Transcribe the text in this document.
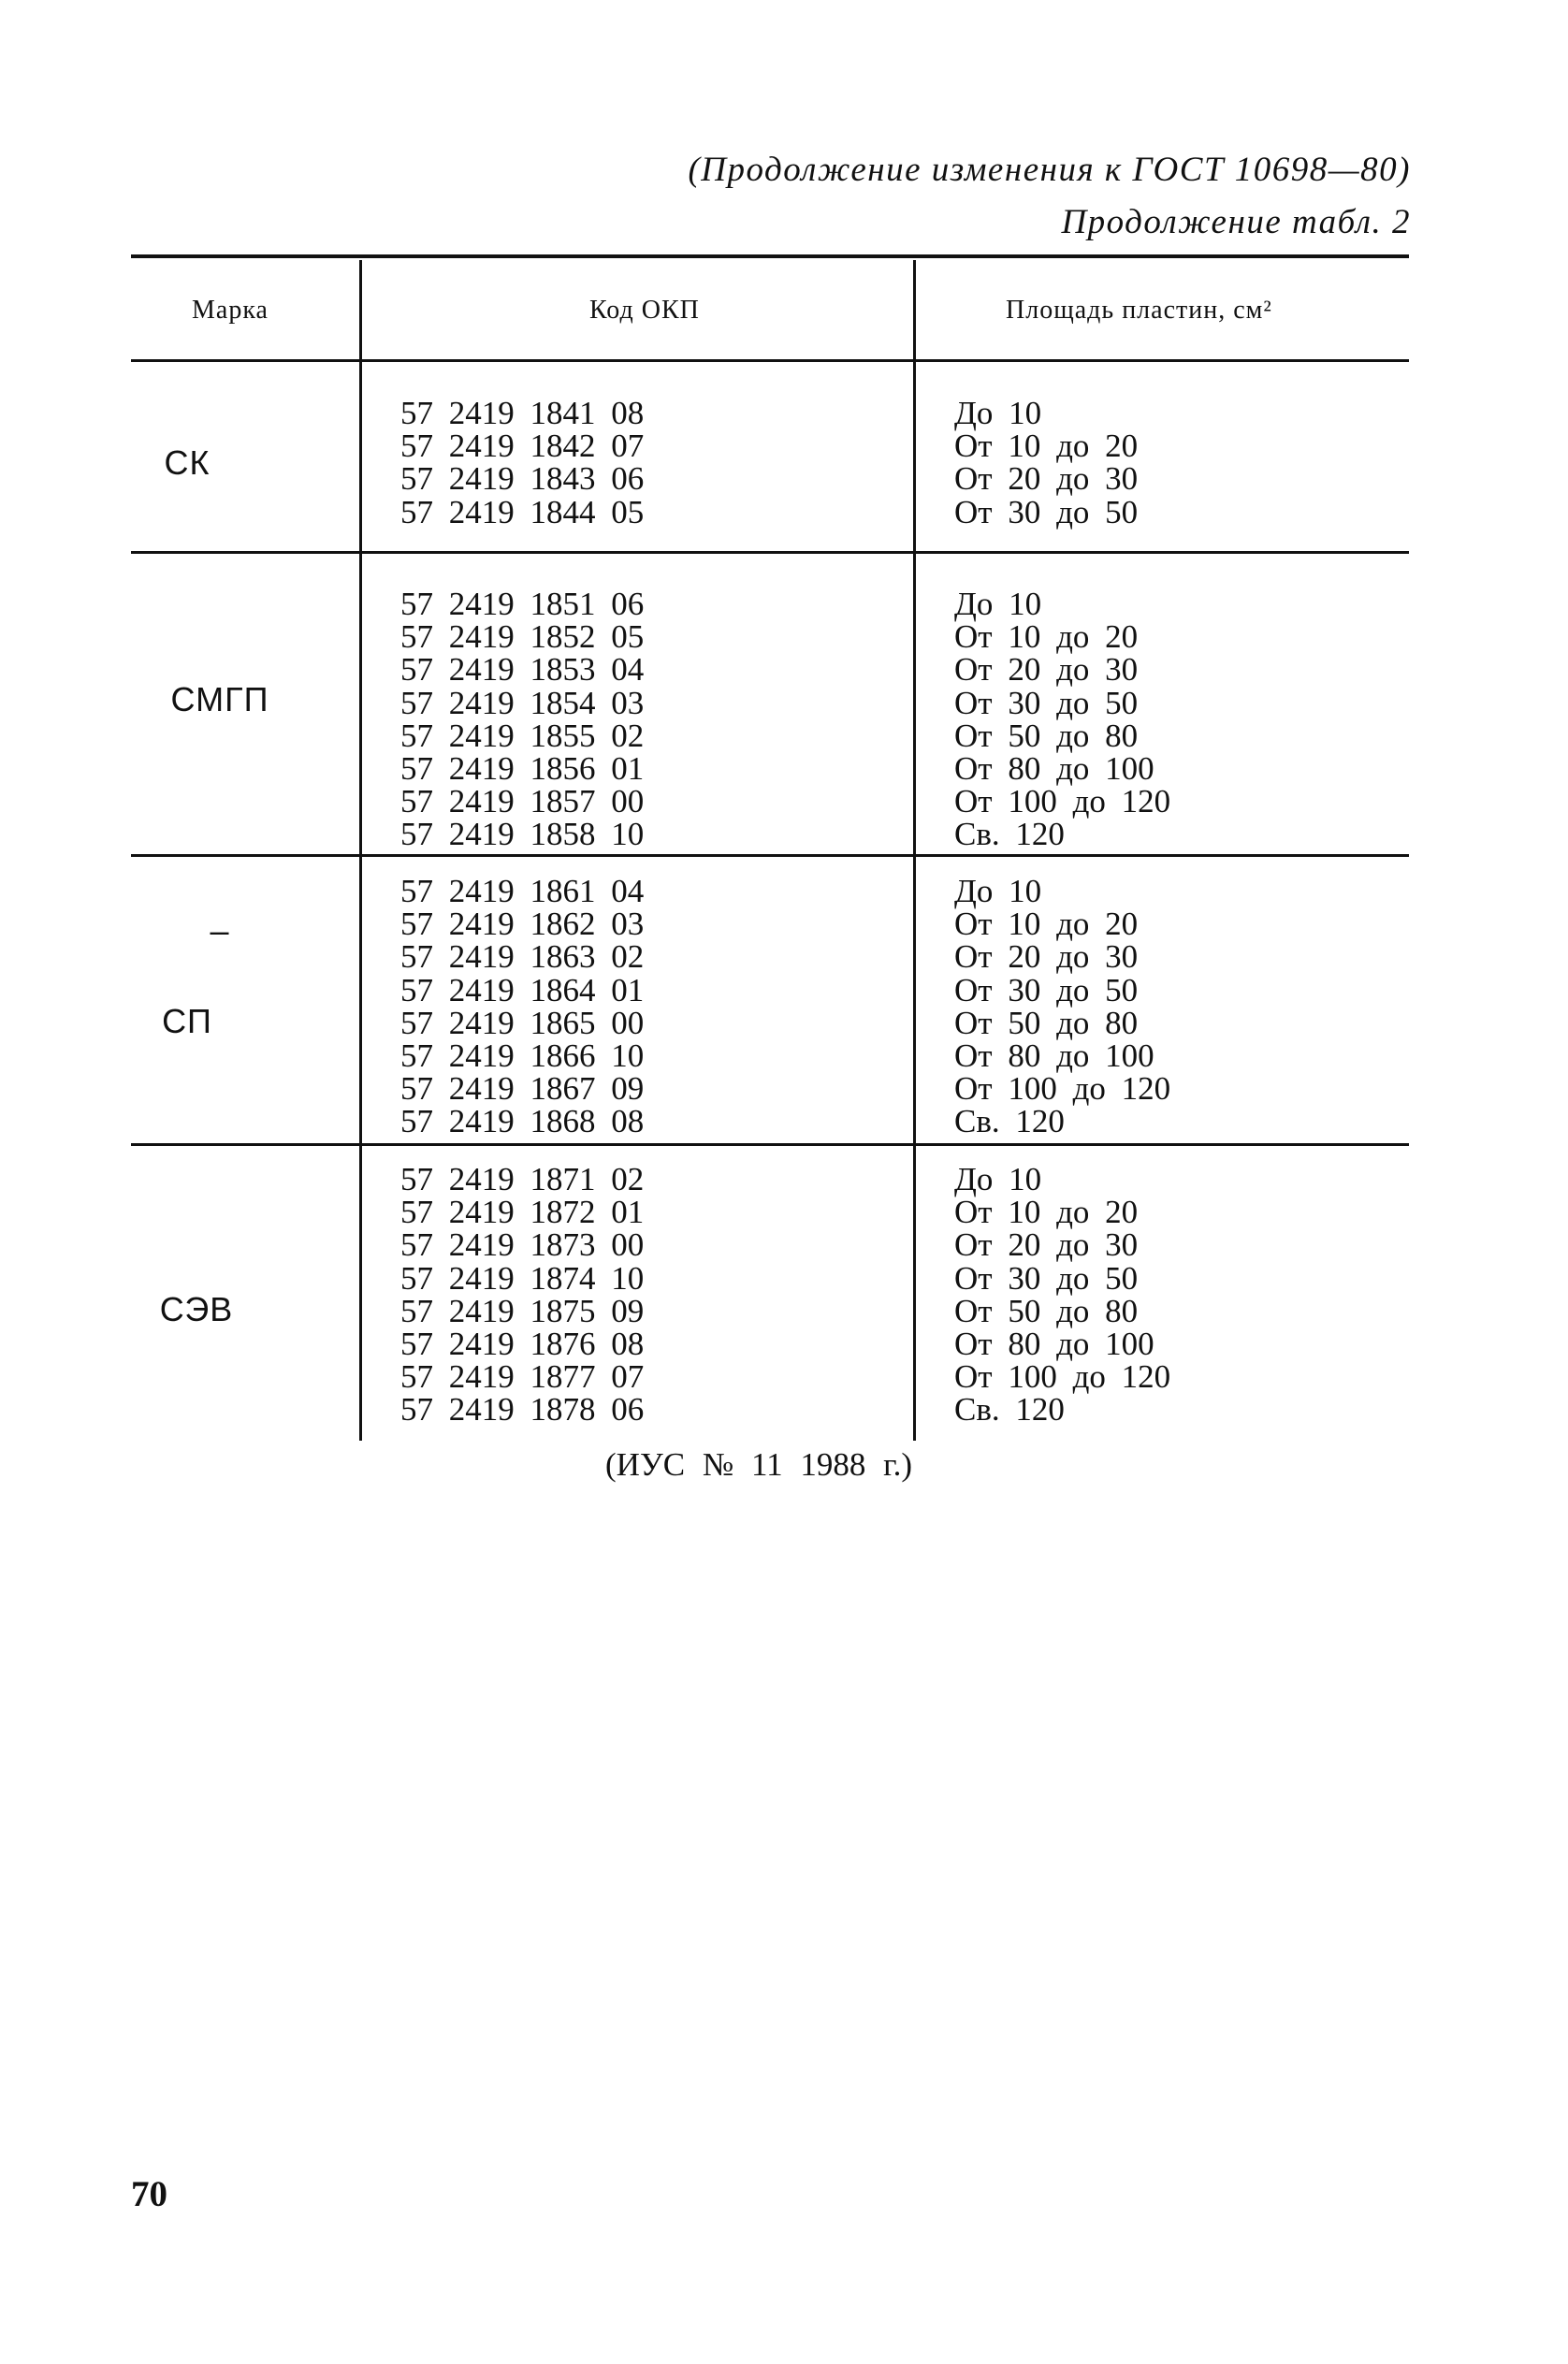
(Продолжение изменения к ГОСТ 10698—80)
Продолжение табл. 2
Марка	Код ОКП	Площадь пластин, см²
СК
СМГП
–
СП
СЭВ
57 2419 1841 08
57 2419 1842 07
57 2419 1843 06
57 2419 1844 05
57 2419 1851 06
57 2419 1852 05
57 2419 1853 04
57 2419 1854 03
57 2419 1855 02
57 2419 1856 01
57 2419 1857 00
57 2419 1858 10
57 2419 1861 04
57 2419 1862 03
57 2419 1863 02
57 2419 1864 01
57 2419 1865 00
57 2419 1866 10
57 2419 1867 09
57 2419 1868 08
57 2419 1871 02
57 2419 1872 01
57 2419 1873 00
57 2419 1874 10
57 2419 1875 09
57 2419 1876 08
57 2419 1877 07
57 2419 1878 06
До 10
От 10 до 20
От 20 до 30
От 30 до 50
До 10
От 10 до 20
От 20 до 30
От 30 до 50
От 50 до 80
От 80 до 100
От 100 до 120
Св. 120
До 10
От 10 до 20
От 20 до 30
От 30 до 50
От 50 до 80
От 80 до 100
От 100 до 120
Св. 120
До 10
От 10 до 20
От 20 до 30
От 30 до 50
От 50 до 80
От 80 до 100
От 100 до 120
Св. 120
(ИУС № 11 1988 г.)
70
